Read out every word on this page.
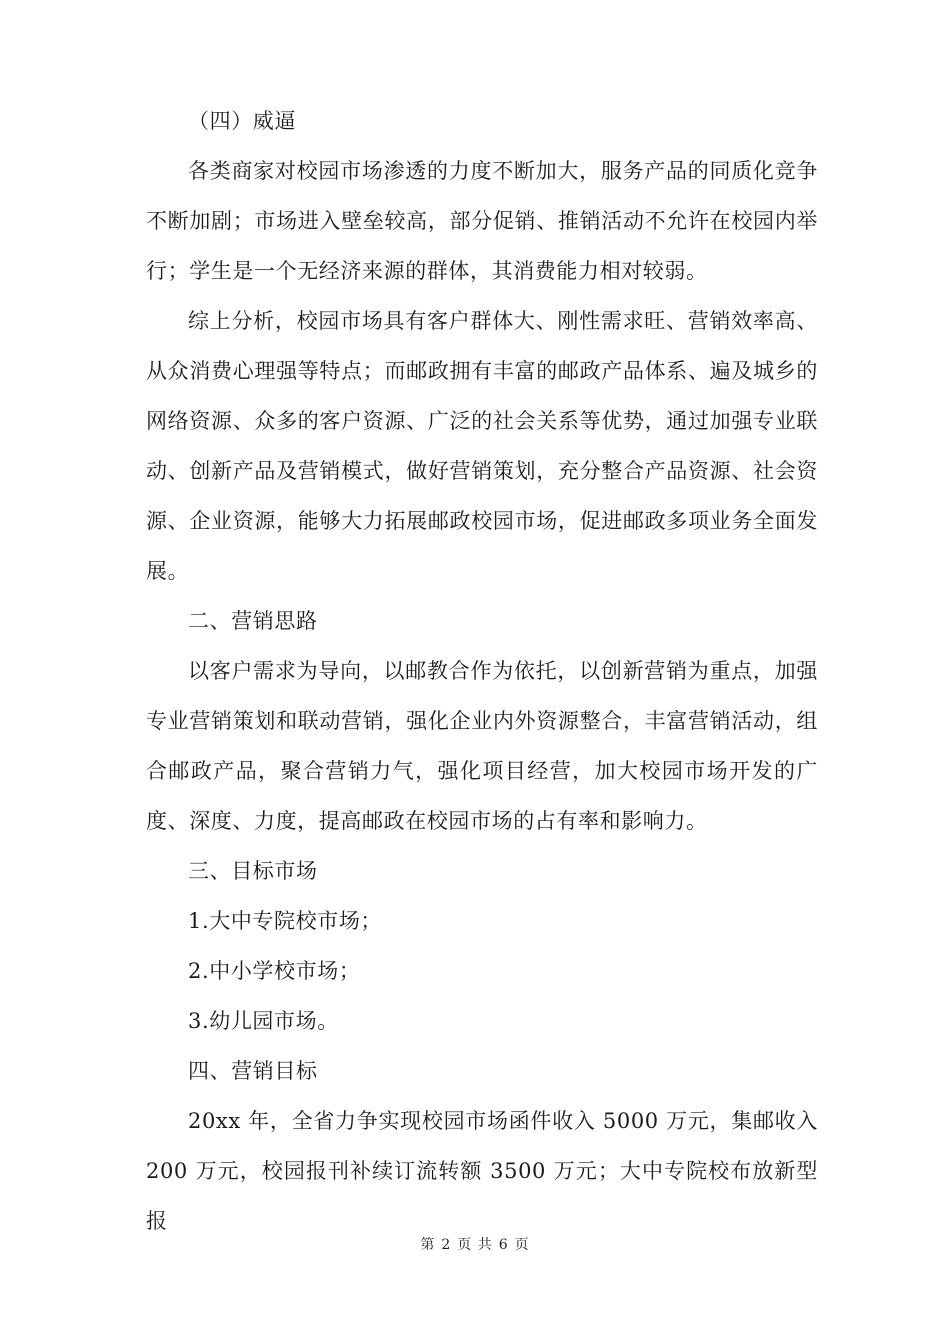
（四）威逼

各类商家对校园市场渗透的力度不断加大，服务产品的同质化竞争不断加剧；市场进入壁垒较高，部分促销、推销活动不允许在校园内举行；学生是一个无经济来源的群体，其消费能力相对较弱。

综上分析，校园市场具有客户群体大、刚性需求旺、营销效率高、从众消费心理强等特点；而邮政拥有丰富的邮政产品体系、遍及城乡的网络资源、众多的客户资源、广泛的社会关系等优势，通过加强专业联动、创新产品及营销模式，做好营销策划，充分整合产品资源、社会资源、企业资源，能够大力拓展邮政校园市场，促进邮政多项业务全面发展。

二、营销思路

以客户需求为导向，以邮教合作为依托，以创新营销为重点，加强专业营销策划和联动营销，强化企业内外资源整合，丰富营销活动，组合邮政产品，聚合营销力气，强化项目经营，加大校园市场开发的广度、深度、力度，提高邮政在校园市场的占有率和影响力。

三、目标市场

1.大中专院校市场；

2.中小学校市场；

3.幼儿园市场。

四、营销目标

20xx 年，全省力争实现校园市场函件收入 5000 万元，集邮收入 200 万元，校园报刊补续订流转额 3500 万元；大中专院校布放新型报

第 2 页 共 6 页
